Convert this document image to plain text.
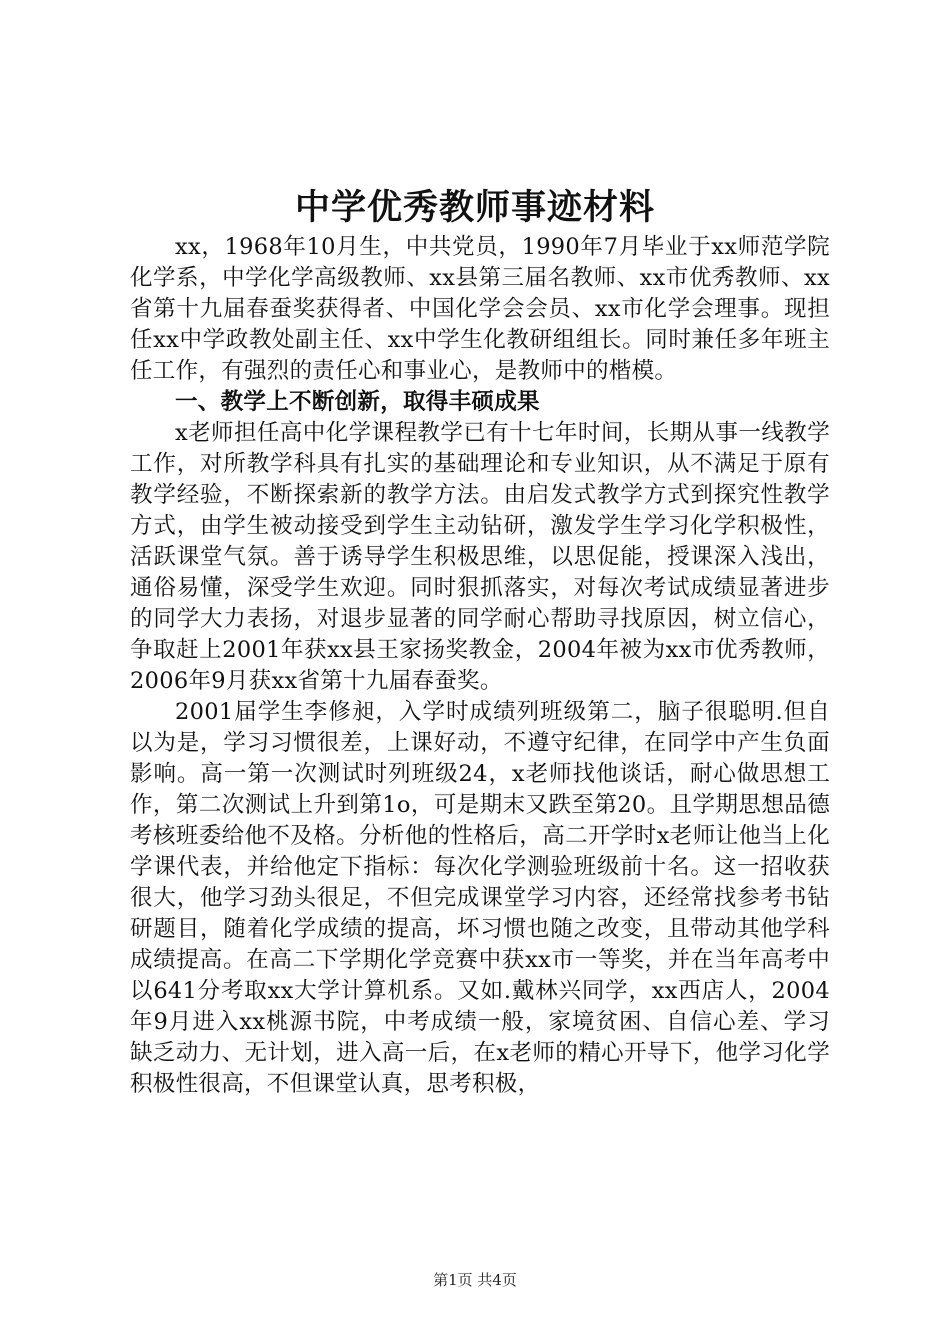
中学优秀教师事迹材料

xx，1968年10月生，中共党员，1990年7月毕业于xx师范学院化学系，中学化学高级教师、xx县第三届名教师、xx市优秀教师、xx省第十九届春蚕奖获得者、中国化学会会员、xx市化学会理事。现担任xx中学政教处副主任、xx中学生化教研组组长。同时兼任多年班主任工作，有强烈的责任心和事业心，是教师中的楷模。

一、教学上不断创新，取得丰硕成果

x老师担任高中化学课程教学已有十七年时间，长期从事一线教学工作，对所教学科具有扎实的基础理论和专业知识，从不满足于原有教学经验，不断探索新的教学方法。由启发式教学方式到探究性教学方式，由学生被动接受到学生主动钻研，激发学生学习化学积极性，活跃课堂气氛。善于诱导学生积极思维，以思促能，授课深入浅出，通俗易懂，深受学生欢迎。同时狠抓落实，对每次考试成绩显著进步的同学大力表扬，对退步显著的同学耐心帮助寻找原因，树立信心，争取赶上2001年获xx县王家扬奖教金，2004年被为xx市优秀教师，2006年9月获xx省第十九届春蚕奖。

2001届学生李修昶，入学时成绩列班级第二，脑子很聪明.但自以为是，学习习惯很差，上课好动，不遵守纪律，在同学中产生负面影响。高一第一次测试时列班级24，x老师找他谈话，耐心做思想工作，第二次测试上升到第1o，可是期末又跌至第20。且学期思想品德考核班委给他不及格。分析他的性格后，高二开学时x老师让他当上化学课代表，并给他定下指标：每次化学测验班级前十名。这一招收获很大，他学习劲头很足，不但完成课堂学习内容，还经常找参考书钻研题目，随着化学成绩的提高，坏习惯也随之改变，且带动其他学科成绩提高。在高二下学期化学竞赛中获xx市一等奖，并在当年高考中以641分考取xx大学计算机系。又如.戴林兴同学，xx西店人，2004年9月进入xx桃源书院，中考成绩一般，家境贫困、自信心差、学习缺乏动力、无计划，进入高一后，在x老师的精心开导下，他学习化学积极性很高，不但课堂认真，思考积极，

第1页 共4页
